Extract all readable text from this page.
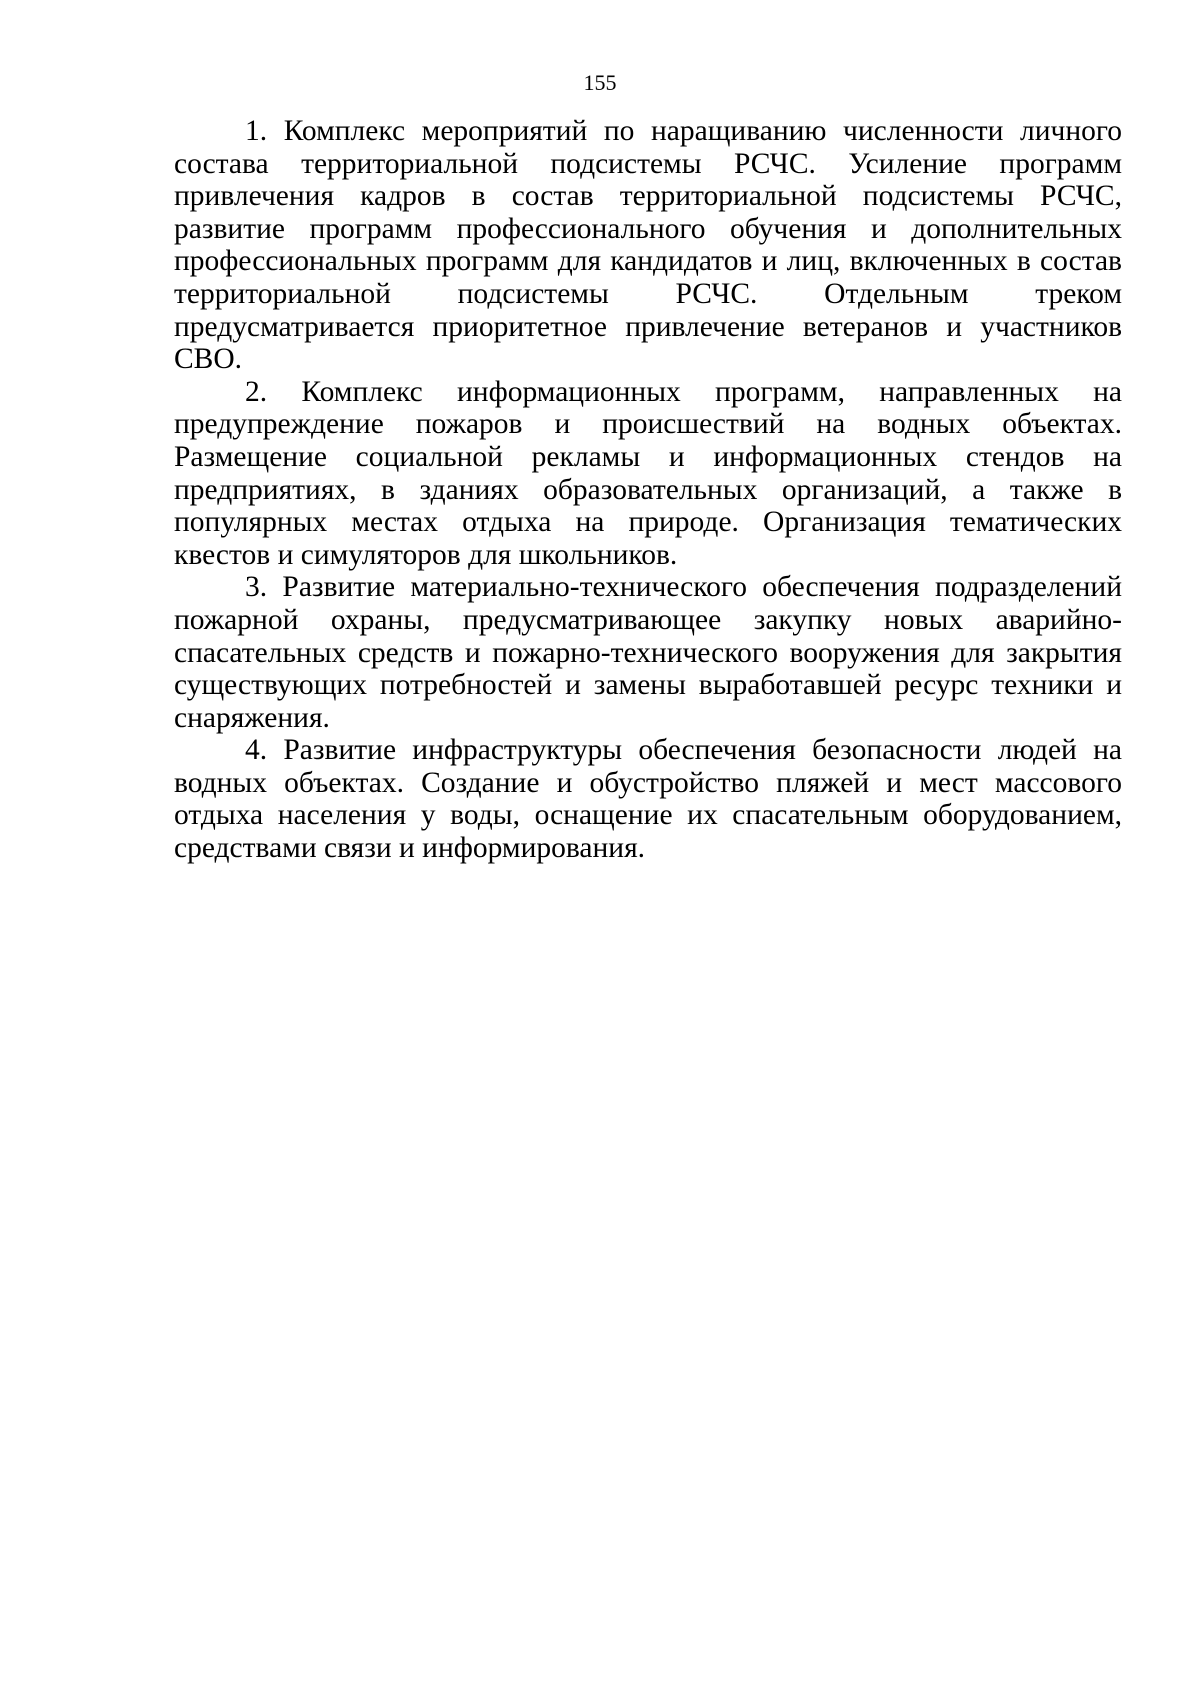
155

1. Комплекс мероприятий по наращиванию численности личного состава территориальной подсистемы РСЧС. Усиление программ привлечения кадров в состав территориальной подсистемы РСЧС, развитие программ профессионального обучения и дополнительных профессиональных программ для кандидатов и лиц, включенных в состав территориальной подсистемы РСЧС. Отдельным треком предусматривается приоритетное привлечение ветеранов и участников СВО.

2. Комплекс информационных программ, направленных на предупреждение пожаров и происшествий на водных объектах. Размещение социальной рекламы и информационных стендов на предприятиях, в зданиях образовательных организаций, а также в популярных местах отдыха на природе. Организация тематических квестов и симуляторов для школьников.

3. Развитие материально-технического обеспечения подразделений пожарной охраны, предусматривающее закупку новых аварийно-спасательных средств и пожарно-технического вооружения для закрытия существующих потребностей и замены выработавшей ресурс техники и снаряжения.

4. Развитие инфраструктуры обеспечения безопасности людей на водных объектах. Создание и обустройство пляжей и мест массового отдыха населения у воды, оснащение их спасательным оборудованием, средствами связи и информирования.
